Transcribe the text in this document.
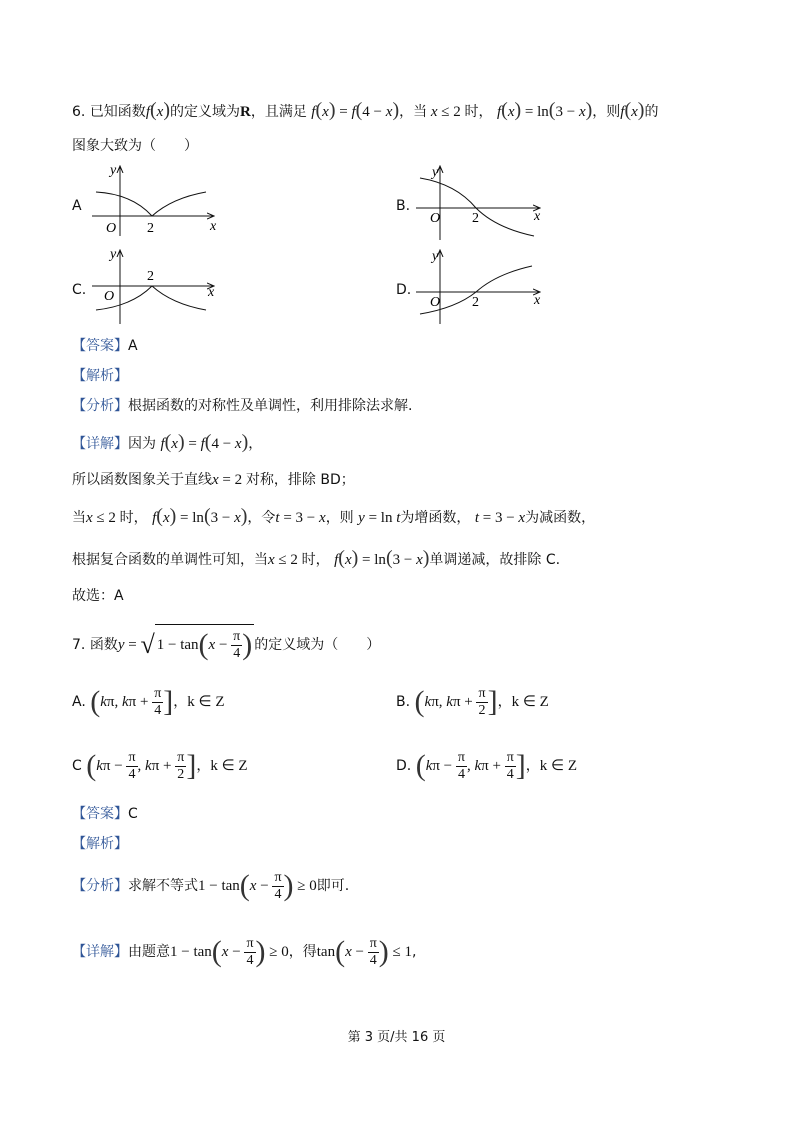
6. 已知函数f(x)的定义域为R，且满足 f(x) = f(4 − x)，当 x ≤ 2 时， f(x) = ln(3 − x)，则f(x)的
图象大致为（　　）
A	B.
C.	D.
y
x
O 2
y
x
O 2
y
x
O
2
y
x
O 2
【答案】A
【解析】
【分析】根据函数的对称性及单调性，利用排除法求解.
【详解】因为 f(x) = f(4 − x)，
所以函数图象关于直线x = 2 对称，排除 BD；
当x ≤ 2 时， f(x) = ln(3 − x)，令t = 3 − x，则 y = ln t为增函数， t = 3 − x为减函数，
根据复合函数的单调性可知，当x ≤ 2 时， f(x) = ln(3 − x)单调递减，故排除 C.
故选：A
7. 函数y = √ $1 - \tan(x - \frac{\pi}{4}$ ) 的定义域为（　　）
A. (kπ, $k\pi + \frac{\pi}{4}$ ]，k ∈ Z	B. (kπ, $k\pi + \frac{\pi}{2}$ ]，k ∈ Z
C ($k\pi - \frac{\pi}{4}$ , $k\pi + \frac{\pi}{2}$ ]，k ∈ Z	D. ($k\pi - \frac{\pi}{4}$ , $k\pi + \frac{\pi}{4}$ ]，k ∈ Z
【答案】C
【解析】
【分析】求解不等式$1 - \tan(x - \frac{\pi}{4}$ ) ≥ 0即可.
【详解】由题意$1 - \tan(x - \frac{\pi}{4}$ ) ≥ 0，得$\tan(x - \frac{\pi}{4}$ ) ≤ 1,
第 3 页/共 16 页
